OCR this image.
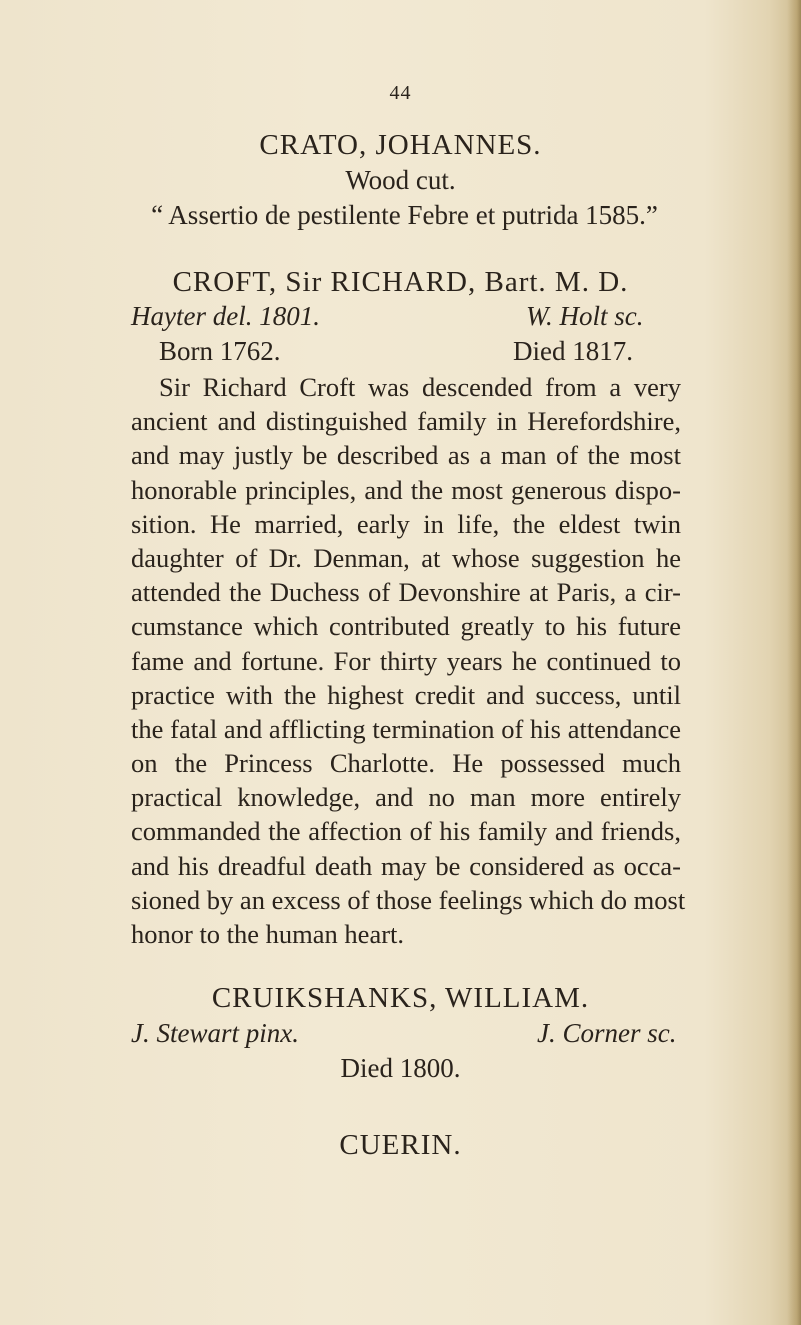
44
CRATO, JOHANNES.
Wood cut.
“ Assertio de pestilente Febre et putrida 1585.”
CROFT, Sir RICHARD, Bart. M. D.
Hayter del. 1801.	W. Holt sc.
Born 1762.	Died 1817.
Sir Richard Croft was descended from a very
ancient and distinguished family in Herefordshire,
and may justly be described as a man of the most
honorable principles, and the most generous dispo-
sition. He married, early in life, the eldest twin
daughter of Dr. Denman, at whose suggestion he
attended the Duchess of Devonshire at Paris, a cir-
cumstance which contributed greatly to his future
fame and fortune. For thirty years he continued to
practice with the highest credit and success, until
the fatal and afflicting termination of his attendance
on the Princess Charlotte. He possessed much
practical knowledge, and no man more entirely
commanded the affection of his family and friends,
and his dreadful death may be considered as occa-
sioned by an excess of those feelings which do most
honor to the human heart.
CRUIKSHANKS, WILLIAM.
J. Stewart pinx.	J. Corner sc.
Died 1800.
CUERIN.
